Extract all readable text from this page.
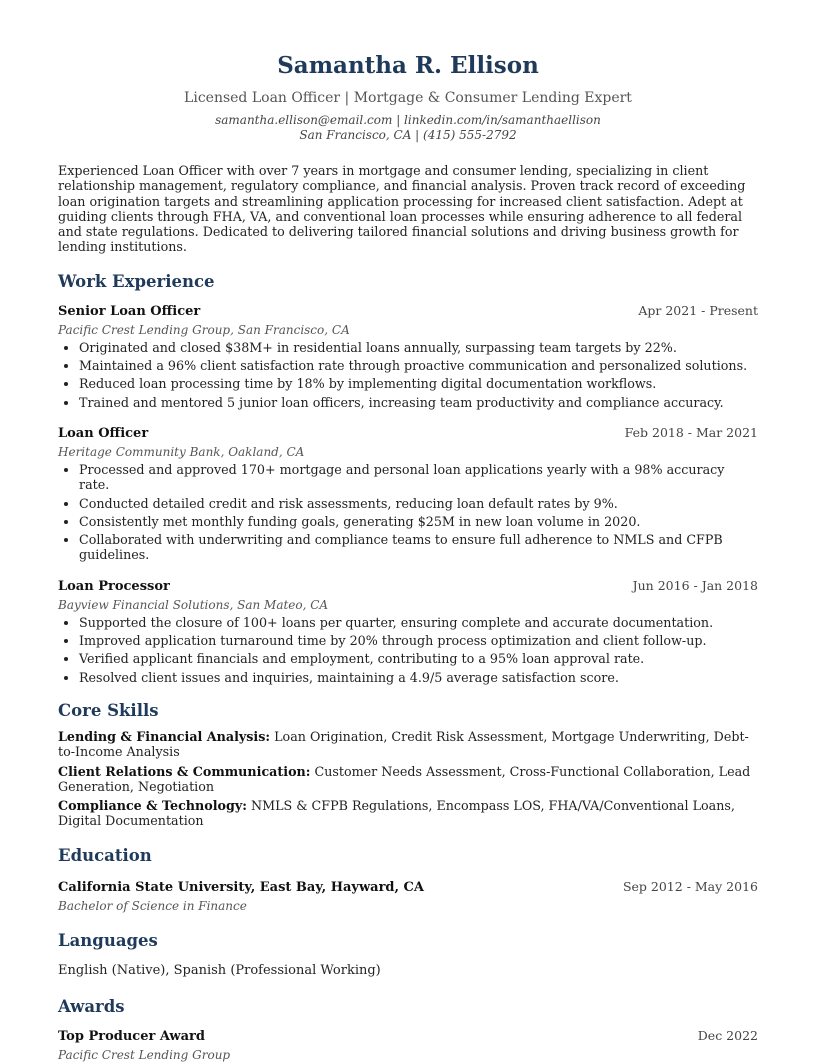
Samantha R. Ellison
Licensed Loan Officer | Mortgage & Consumer Lending Expert
samantha.ellison@email.com | linkedin.com/in/samanthaellison
San Francisco, CA | (415) 555-2792
Experienced Loan Officer with over 7 years in mortgage and consumer lending, specializing in client relationship management, regulatory compliance, and financial analysis. Proven track record of exceeding loan origination targets and streamlining application processing for increased client satisfaction. Adept at guiding clients through FHA, VA, and conventional loan processes while ensuring adherence to all federal and state regulations. Dedicated to delivering tailored financial solutions and driving business growth for lending institutions.
Work Experience
Senior Loan Officer	Apr 2021 - Present
Pacific Crest Lending Group, San Francisco, CA
• Originated and closed $38M+ in residential loans annually, surpassing team targets by 22%.
• Maintained a 96% client satisfaction rate through proactive communication and personalized solutions.
• Reduced loan processing time by 18% by implementing digital documentation workflows.
• Trained and mentored 5 junior loan officers, increasing team productivity and compliance accuracy.
Loan Officer	Feb 2018 - Mar 2021
Heritage Community Bank, Oakland, CA
• Processed and approved 170+ mortgage and personal loan applications yearly with a 98% accuracy rate.
• Conducted detailed credit and risk assessments, reducing loan default rates by 9%.
• Consistently met monthly funding goals, generating $25M in new loan volume in 2020.
• Collaborated with underwriting and compliance teams to ensure full adherence to NMLS and CFPB guidelines.
Loan Processor	Jun 2016 - Jan 2018
Bayview Financial Solutions, San Mateo, CA
• Supported the closure of 100+ loans per quarter, ensuring complete and accurate documentation.
• Improved application turnaround time by 20% through process optimization and client follow-up.
• Verified applicant financials and employment, contributing to a 95% loan approval rate.
• Resolved client issues and inquiries, maintaining a 4.9/5 average satisfaction score.
Core Skills
Lending & Financial Analysis: Loan Origination, Credit Risk Assessment, Mortgage Underwriting, Debt-to-Income Analysis
Client Relations & Communication: Customer Needs Assessment, Cross-Functional Collaboration, Lead Generation, Negotiation
Compliance & Technology: NMLS & CFPB Regulations, Encompass LOS, FHA/VA/Conventional Loans, Digital Documentation
Education
California State University, East Bay, Hayward, CA	Sep 2012 - May 2016
Bachelor of Science in Finance
Languages
English (Native), Spanish (Professional Working)
Awards
Top Producer Award	Dec 2022
Pacific Crest Lending Group
